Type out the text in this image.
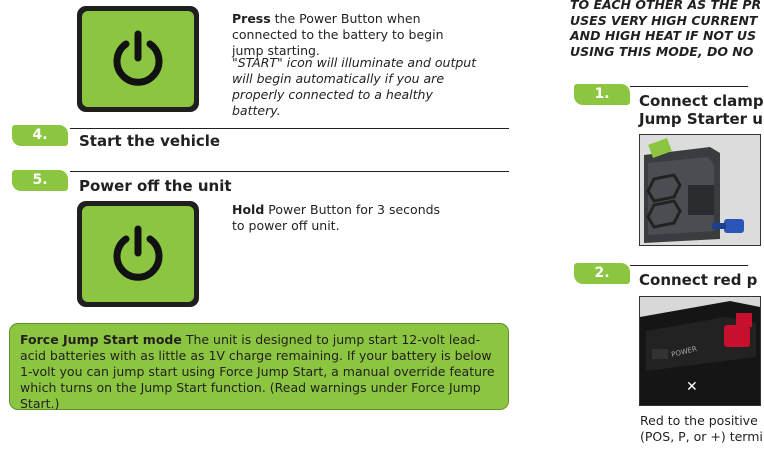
Press the Power Button when connected to the battery to begin jump starting.
"START" icon will illuminate and output will begin automatically if you are properly connected to a healthy battery.
4.	Start the vehicle
5.	Power off the unit
Hold Power Button for 3 seconds to power off unit.
Force Jump Start mode The unit is designed to jump start 12-volt lead-acid batteries with as little as 1V charge remaining. If your battery is below 1-volt you can jump start using Force Jump Start, a manual override feature which turns on the Jump Start function. (Read warnings under Force Jump Start.)
TO EACH OTHER AS THE PR
USES VERY HIGH CURRENT
AND HIGH HEAT IF NOT US
USING THIS MODE, DO NO
1.	Connect clamp
Jump Starter u
2.	Connect red p
POWER
✕
Red to the positive
(POS, P, or +) termi
